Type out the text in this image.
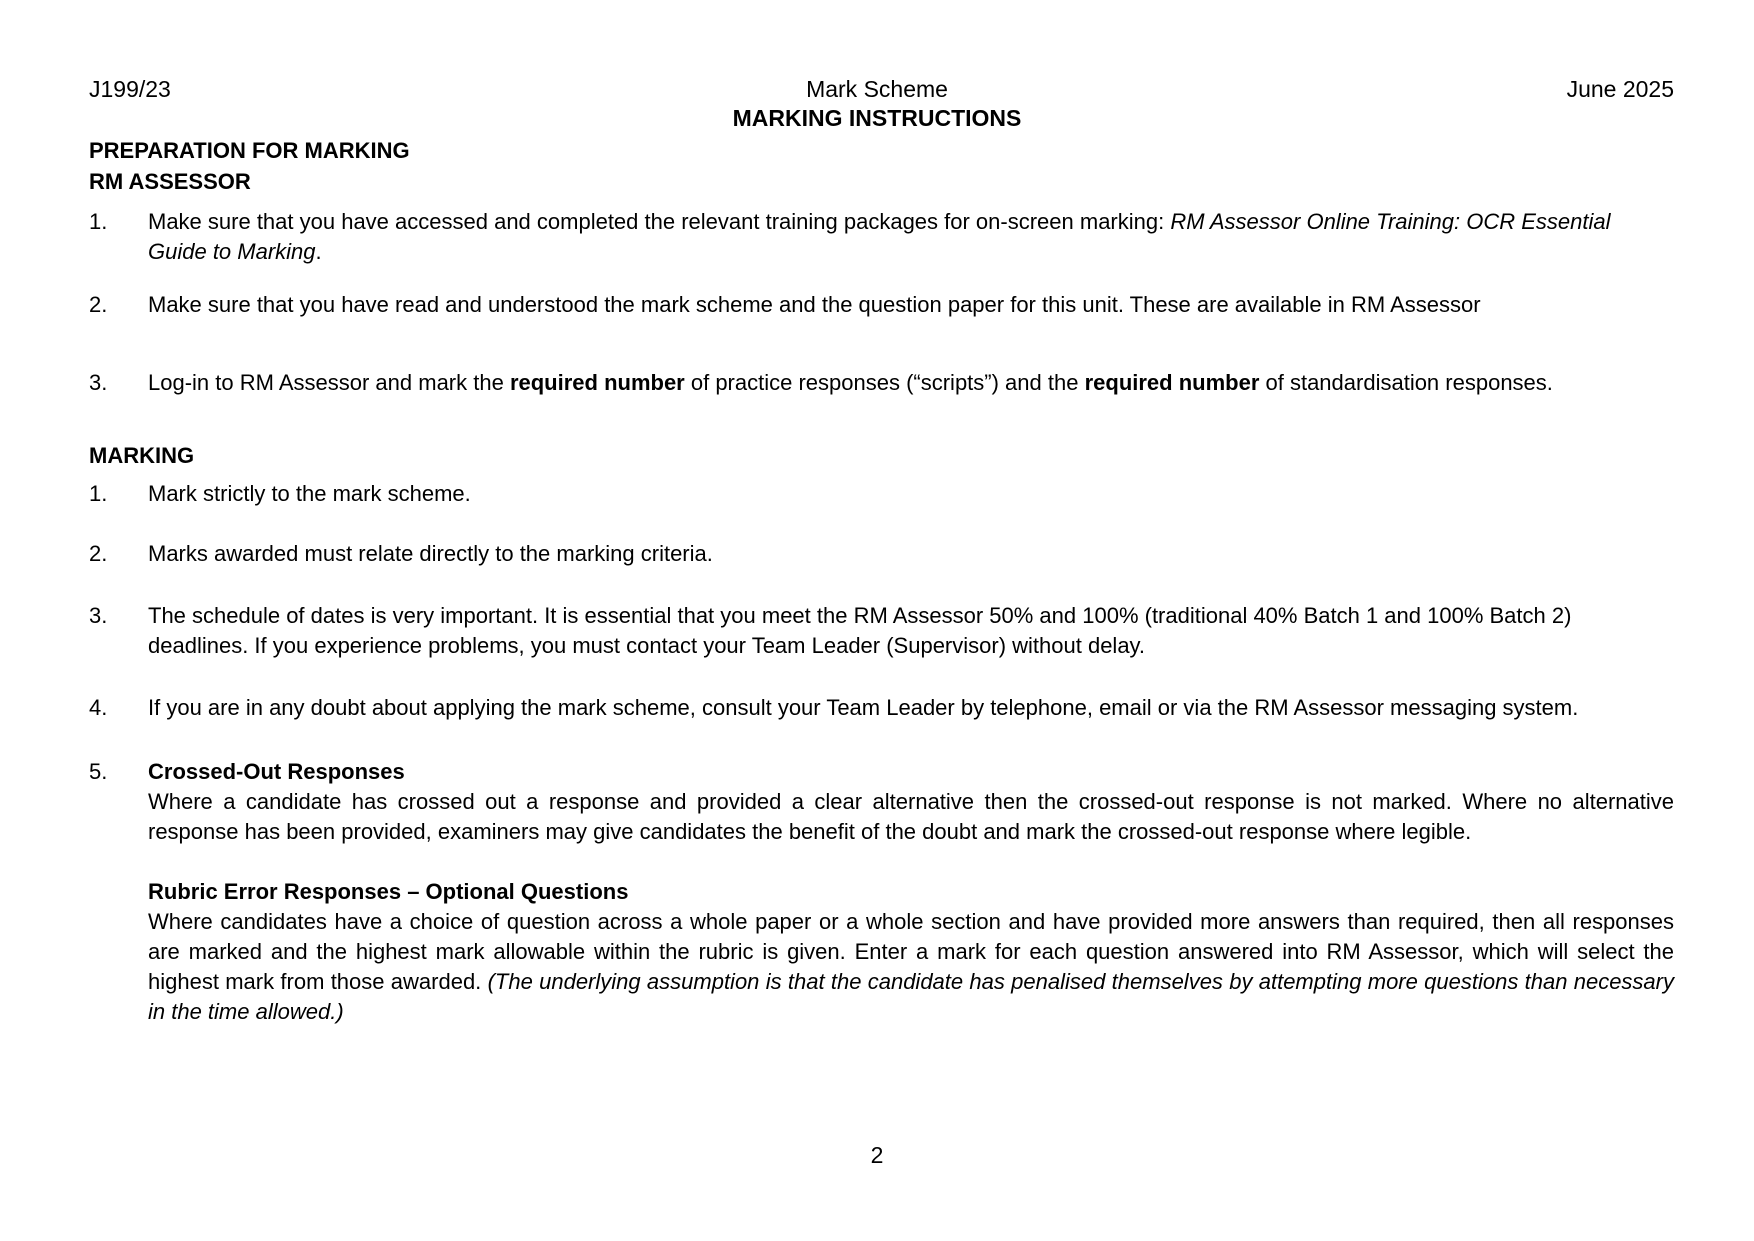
J199/23	Mark Scheme	June 2025
MARKING INSTRUCTIONS
PREPARATION FOR MARKING
RM ASSESSOR
1.	Make sure that you have accessed and completed the relevant training packages for on-screen marking: RM Assessor Online Training: OCR Essential Guide to Marking.
2.	Make sure that you have read and understood the mark scheme and the question paper for this unit. These are available in RM Assessor
3.	Log-in to RM Assessor and mark the required number of practice responses (“scripts”) and the required number of standardisation responses.
MARKING
1.	Mark strictly to the mark scheme.
2.	Marks awarded must relate directly to the marking criteria.
3.	The schedule of dates is very important. It is essential that you meet the RM Assessor 50% and 100% (traditional 40% Batch 1 and 100% Batch 2) deadlines. If you experience problems, you must contact your Team Leader (Supervisor) without delay.
4.	If you are in any doubt about applying the mark scheme, consult your Team Leader by telephone, email or via the RM Assessor messaging system.
5.	Crossed-Out Responses
Where a candidate has crossed out a response and provided a clear alternative then the crossed-out response is not marked. Where no alternative response has been provided, examiners may give candidates the benefit of the doubt and mark the crossed-out response where legible.
Rubric Error Responses – Optional Questions
Where candidates have a choice of question across a whole paper or a whole section and have provided more answers than required, then all responses are marked and the highest mark allowable within the rubric is given. Enter a mark for each question answered into RM Assessor, which will select the highest mark from those awarded. (The underlying assumption is that the candidate has penalised themselves by attempting more questions than necessary in the time allowed.)
2
